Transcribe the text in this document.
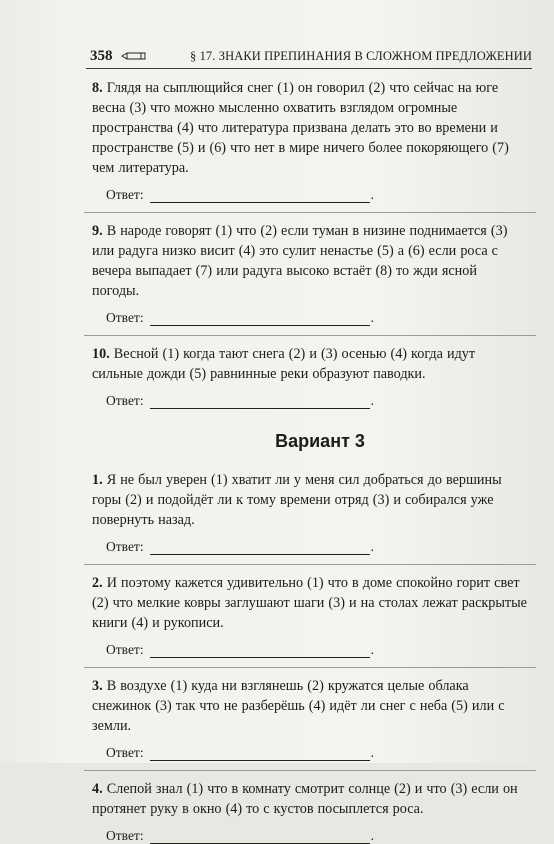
358	§ 17. ЗНАКИ ПРЕПИНАНИЯ В СЛОЖНОМ ПРЕДЛОЖЕНИИ
8. Глядя на сыплющийся снег (1) он говорил (2) что сейчас на юге весна (3) что можно мысленно охватить взглядом огромные пространства (4) что литература призвана делать это во времени и пространстве (5) и (6) что нет в мире ничего более покоряющего (7) чем литература.
Ответ:	.
9. В народе говорят (1) что (2) если туман в низине поднимается (3) или радуга низко висит (4) это сулит ненастье (5) а (6) если роса с вечера выпадает (7) или радуга высоко встаёт (8) то жди ясной погоды.
Ответ:	.
10. Весной (1) когда тают снега (2) и (3) осенью (4) когда идут сильные дожди (5) равнинные реки образуют паводки.
Ответ:	.
Вариант 3
1. Я не был уверен (1) хватит ли у меня сил добраться до вершины горы (2) и подойдёт ли к тому времени отряд (3) и собирался уже повернуть назад.
Ответ:	.
2. И поэтому кажется удивительно (1) что в доме спокойно горит свет (2) что мелкие ковры заглушают шаги (3) и на столах лежат раскрытые книги (4) и рукописи.
Ответ:	.
3. В воздухе (1) куда ни взглянешь (2) кружатся целые облака снежинок (3) так что не разберёшь (4) идёт ли снег с неба (5) или с земли.
Ответ:	.
4. Слепой знал (1) что в комнату смотрит солнце (2) и что (3) если он протянет руку в окно (4) то с кустов посыплется роса.
Ответ:	.
